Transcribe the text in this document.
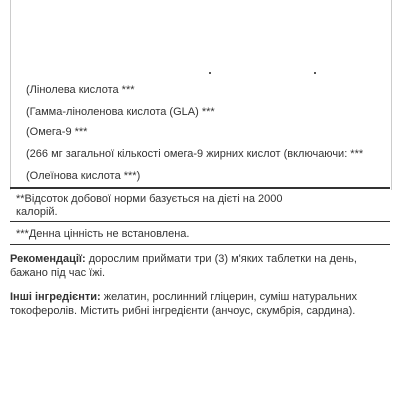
(Лінолева кислота ***
(Гамма-ліноленова кислота (GLA) ***
(Омега-9 ***
(266 мг загальної кількості омега-9 жирних кислот (включаючи: ***
(Олеїнова кислота ***)
**Відсоток добової норми базується на дієті на 2000
калорій.
***Денна цінність не встановлена.
Рекомендації: дорослим приймати три (3) м'яких таблетки на день, бажано під час їжі.
Інші інгредієнти: желатин, рослинний гліцерин, суміш натуральних токоферолів. Містить рибні інгредієнти (анчоус, скумбрія, сардина).
